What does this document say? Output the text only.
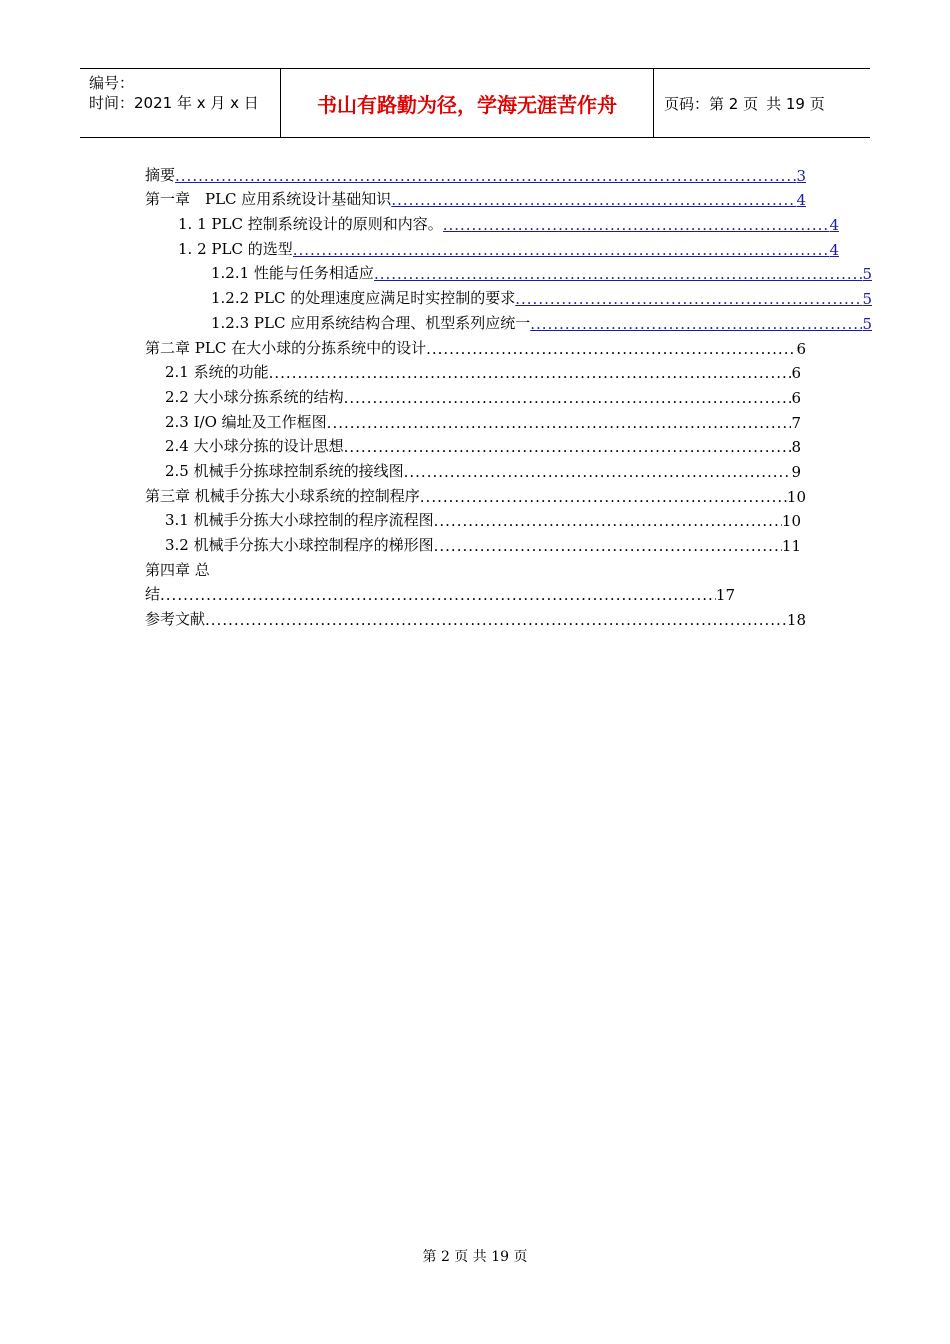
编号：
时间：2021 年 x 月 x 日	书山有路勤为径，学海无涯苦作舟	页码：第 2 页 共 19 页
摘要 .....	3
第一章　PLC 应用系统设计基础知识 .....	4
1. 1 PLC 控制系统设计的原则和内容。 .....	4
1. 2 PLC 的选型 .....	4
1.2.1 性能与任务相适应 .....	5
1.2.2 PLC 的处理速度应满足时实控制的要求 .....	5
1.2.3 PLC 应用系统结构合理、机型系列应统一 .....	5
第二章 PLC 在大小球的分拣系统中的设计 .....	6
2.1 系统的功能 .....	6
2.2 大小球分拣系统的结构 .....	6
2.3 I/O 编址及工作框图 .....	7
2.4 大小球分拣的设计思想 .....	8
2.5 机械手分拣球控制系统的接线图 .....	9
第三章 机械手分拣大小球系统的控制程序 .....	10
3.1 机械手分拣大小球控制的程序流程图 .....	10
3.2 机械手分拣大小球控制程序的梯形图 .....	11
第四章 总
结 .....	17
参考文献 .....	18
第 2 页 共 19 页
